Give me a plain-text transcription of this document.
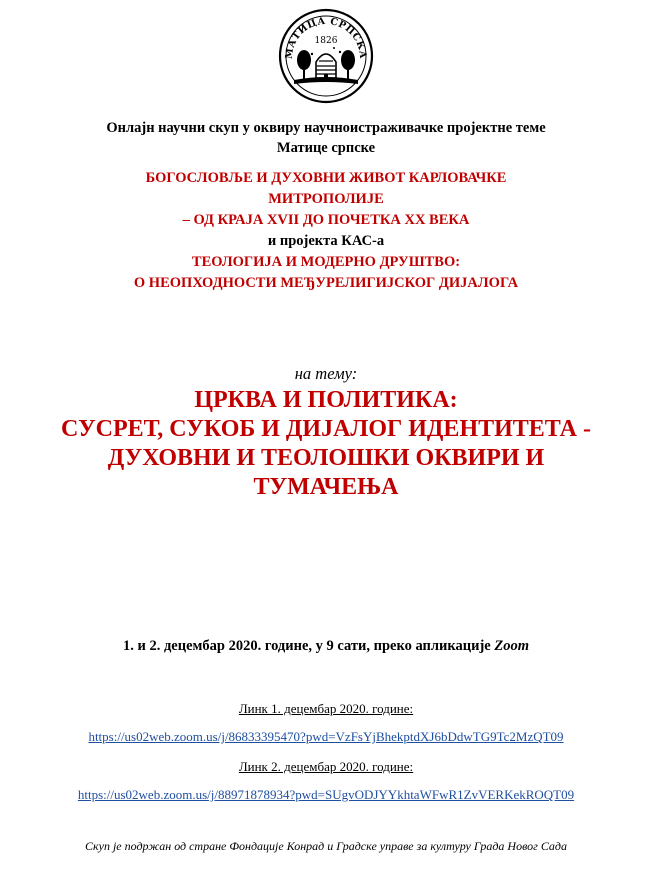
МАТИЦА СРПСКА
1826
Онлајн научни скуп у оквиру научноистраживачке пројектне теме
Матице српске
БОГОСЛОВЉЕ И ДУХОВНИ ЖИВОТ КАРЛОВАЧКЕ
МИТРОПОЛИЈЕ
– ОД КРАЈА XVII ДО ПОЧЕТКА XX ВЕКА
и пројекта КАС-а
ТЕОЛОГИЈА И МОДЕРНО ДРУШТВО:
О НЕОПХОДНОСТИ МЕЂУРЕЛИГИЈСКОГ ДИЈАЛОГА
на тему:
ЦРКВА И ПОЛИТИКА:
СУСРЕТ, СУКОБ И ДИЈАЛОГ ИДЕНТИТЕТА -
ДУХОВНИ И ТЕОЛОШКИ ОКВИРИ И
ТУМАЧЕЊА
1. и 2. децембар 2020. године, у 9 сати, преко апликације Zoom
Линк 1. децембар 2020. године:
https://us02web.zoom.us/j/86833395470?pwd=VzFsYjBhekptdXJ6bDdwTG9Tc2MzQT09
Линк 2. децембар 2020. године:
https://us02web.zoom.us/j/88971878934?pwd=SUgvODJYYkhtaWFwR1ZvVERKekROQT09
Скуп је подржан од стране Фондације Конрад и Градске управе за културу Града Новог Сада
